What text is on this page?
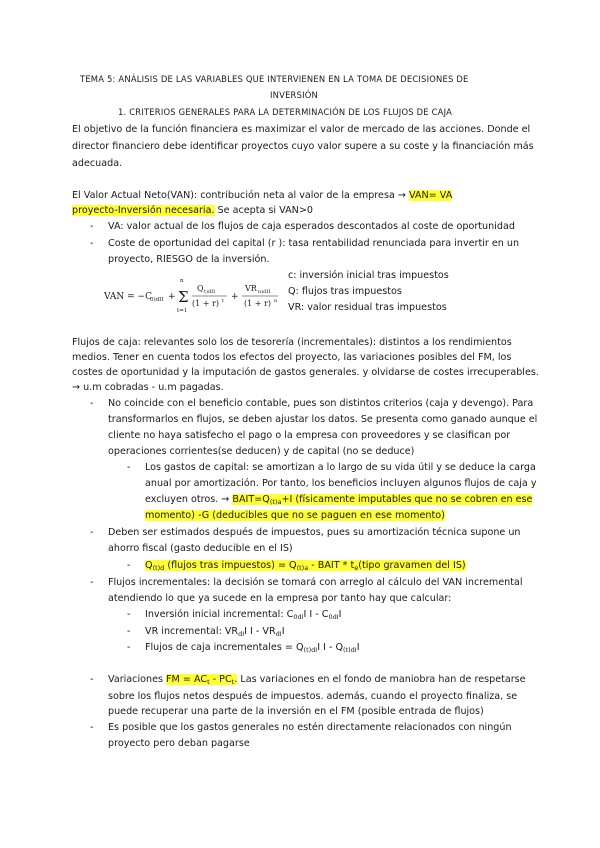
TEMA 5: ANÁLISIS DE LAS VARIABLES QUE INTERVIENEN EN LA TOMA DE DECISIONES DE
INVERSIÓN
1. CRITERIOS GENERALES PARA LA DETERMINACIÓN DE LOS FLUJOS DE CAJA
El objetivo de la función financiera es maximizar el valor de mercado de las acciones. Donde el
director financiero debe identificar proyectos cuyo valor supere a su coste y la financiación más
adecuada.
El Valor Actual Neto(VAN): contribución neta al valor de la empresa → VAN= VA
proyecto-Inversión necesaria. Se acepta si VAN>0
- VA: valor actual de los flujos de caja esperados descontados al coste de oportunidad
- Coste de oportunidad del capital (r ): tasa rentabilidad renunciada para invertir en un
proyecto, RIESGO de la inversión.
VAN = −C
0)dII +
n
Σ
t=1
Q t)dII
(1 + r) t +
VR n)dII
(1 + r) n
c: inversión inicial tras impuestos
Q: flujos tras impuestos
VR: valor residual tras impuestos
Flujos de caja: relevantes solo los de tesorería (incrementales): distintos a los rendimientos
medios. Tener en cuenta todos los efectos del proyecto, las variaciones posibles del FM, los
costes de oportunidad y la imputación de gastos generales. y olvidarse de costes irrecuperables.
→ u.m cobradas - u.m pagadas.
- No coincide con el beneficio contable, pues son distintos criterios (caja y devengo). Para
transformarlos en flujos, se deben ajustar los datos. Se presenta como ganado aunque el
cliente no haya satisfecho el pago o la empresa con proveedores y se clasifican por
operaciones corrientes(se deducen) y de capital (no se deduce)
- Los gastos de capital: se amortizan a lo largo de su vida útil y se deduce la carga
anual por amortización. Por tanto, los beneficios incluyen algunos flujos de caja y
excluyen otros. → $BAIT=Q_{(t)a}+I$ (físicamente imputables que no se cobren en ese
momento) -G (deducibles que no se paguen en ese momento)
- Deben ser estimados después de impuestos, pues su amortización técnica supone un
ahorro fiscal (gasto deducible en el IS)
- $Q_{(t)d}$ (flujos tras impuestos) = $Q_{(t)a}$ - BAIT * $t_e(tipo$ gravamen del IS)
- Flujos incrementales: la decisión se tomará con arreglo al cálculo del VAN incremental
atendiendo lo que ya sucede en la empresa por tanto hay que calcular:
- Inversión inicial incremental: $C_{0dI}I$ I - $C_{0dI}I$
- VR incremental: $VR_{dI}I$ I - $VR_{dI}I$
- Flujos de caja incrementales = $Q_{(t)dI}I$ I - $Q_{(t)dI}I$
- Variaciones FM = $AC_t - PC_t$. Las variaciones en el fondo de maniobra han de respetarse
sobre los flujos netos después de impuestos. además, cuando el proyecto finaliza, se
puede recuperar una parte de la inversión en el FM (posible entrada de flujos)
- Es posible que los gastos generales no estén directamente relacionados con ningún
proyecto pero deban pagarse
